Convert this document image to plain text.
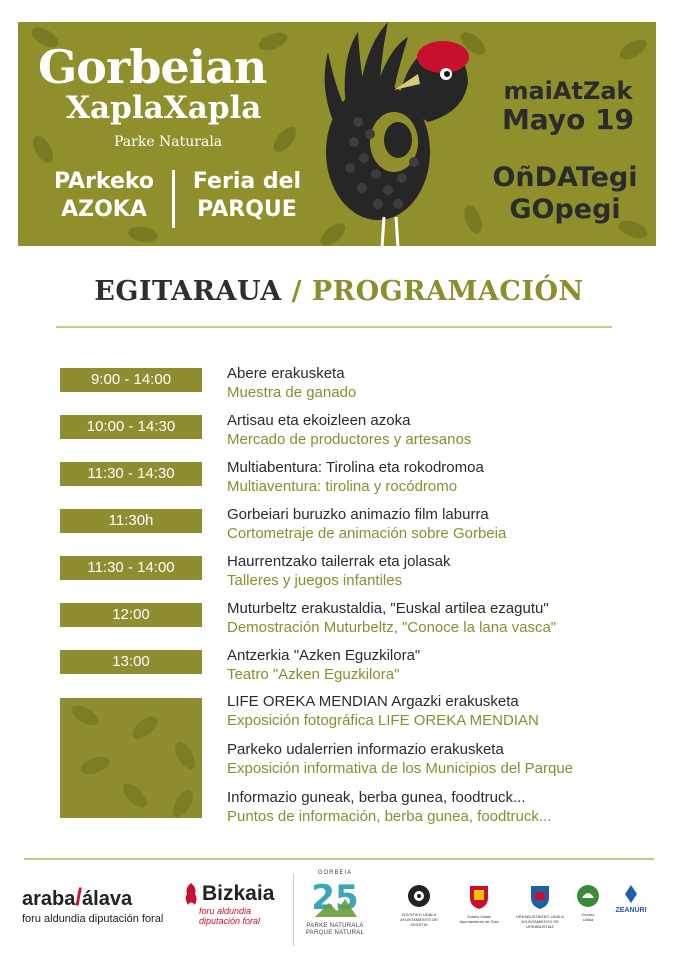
Gorbeian
XaplaXapla
Parke Naturala
PArkeko
AZOKA
Feria del
PARQUE
maiAtZak
Mayo 19
OñDATegi
GOpegi
EGITARAUA / PROGRAMACIÓN
9:00 - 14:00	Abere erakusketa
Muestra de ganado
10:00 - 14:30	Artisau eta ekoizleen azoka
Mercado de productores y artesanos
11:30 - 14:30	Multiabentura: Tirolina eta rokodromoa
Multiaventura: tirolina y rocódromo
11:30h	Gorbeiari buruzko animazio film laburra
Cortometraje de animación sobre Gorbeia
11:30 - 14:00	Haurrentzako tailerrak eta jolasak
Talleres y juegos infantiles
12:00	Muturbeltz erakustaldia, "Euskal artilea ezagutu"
Demostración Muturbeltz, "Conoce la lana vasca"
13:00	Antzerkia "Azken Eguzkilora"
Teatro "Azken Eguzkilora"
LIFE OREKA MENDIAN Argazki erakusketa
Exposición fotográfica LIFE OREKA MENDIAN
Parkeko udalerrien informazio erakusketa
Exposición informativa de los Municipios del Parque
Informazio guneak, berba gunea, foodtruck...
Puntos de información, berba gunea, foodtruck...
araba/álava
foru aldundia diputación foral
Bizkaia
foru aldundia
diputación foral
GORBEIA
25
PARKE NATURALA
PARQUE NATURAL
ZIGOITIKO UDALA AYUNTAMIENTO DE ZIGOITIA
Zuiako Udala
Ayuntamiento de Zuia
URKABUSTAIZKO UDALA AYUNTAMIENTO DE URKABUSTAIZ
Orozko
Udala
ZEANURI
